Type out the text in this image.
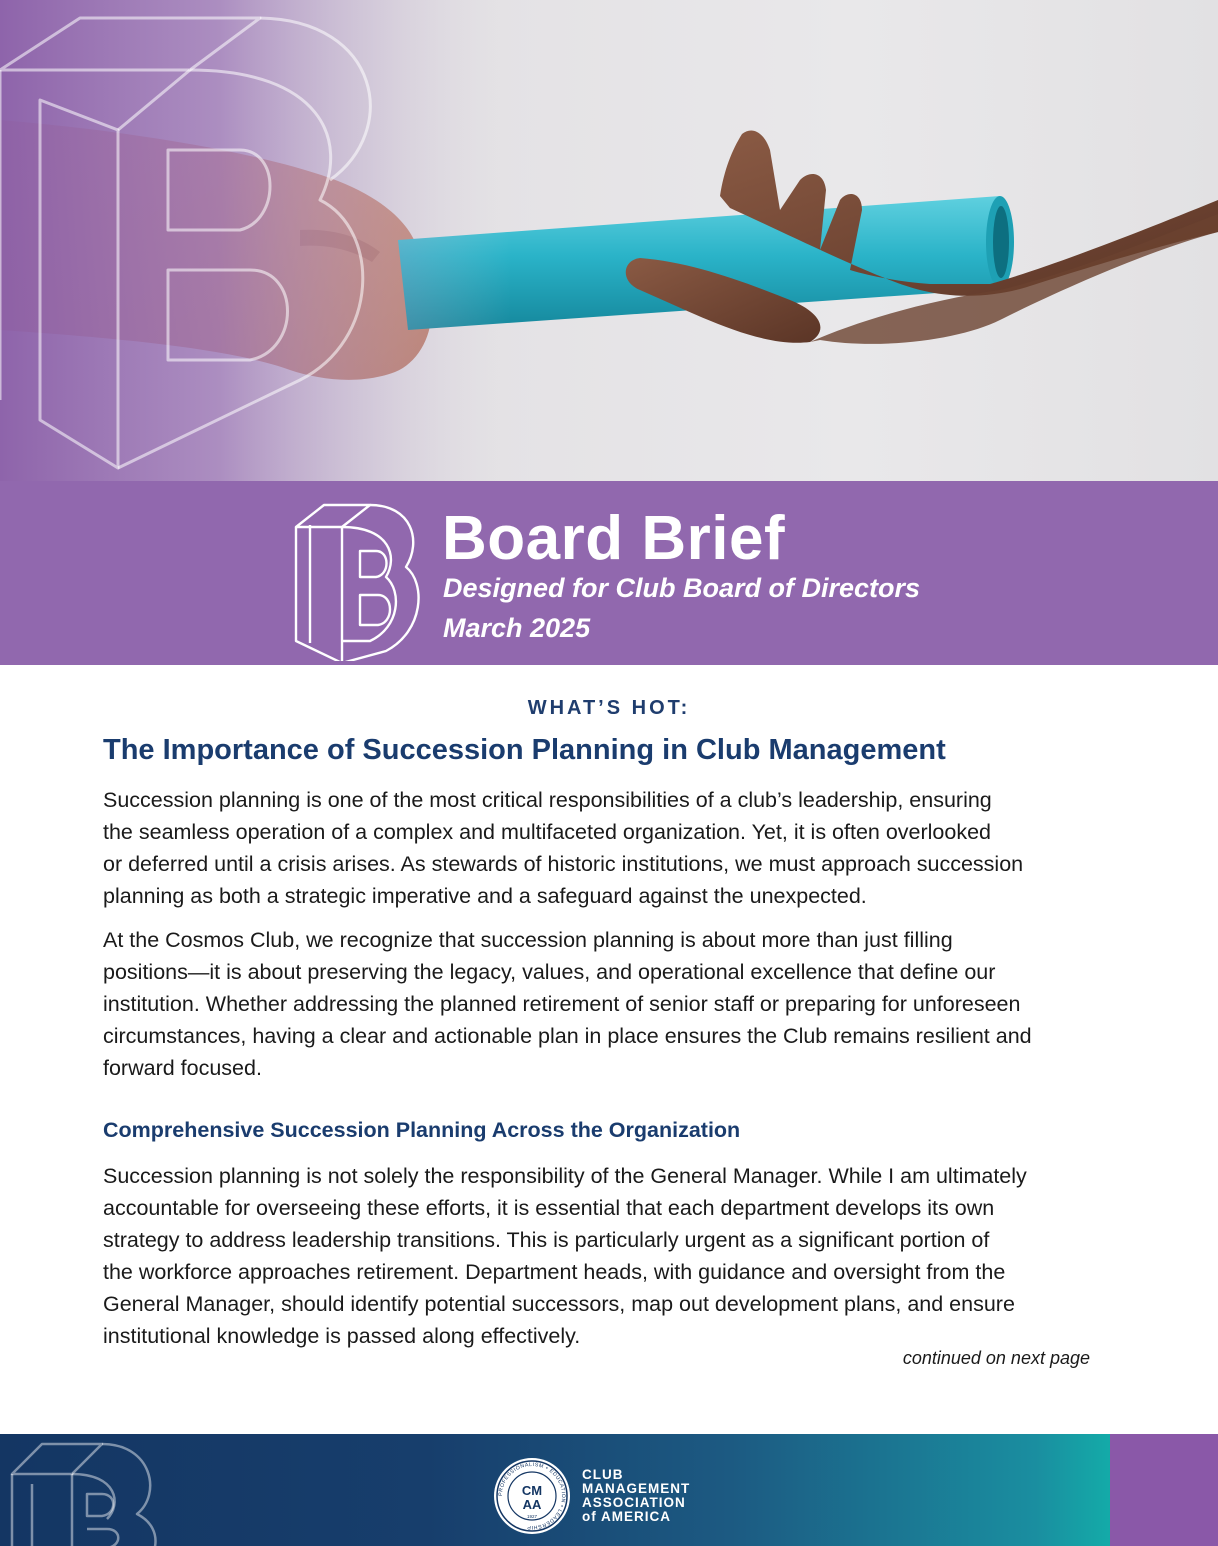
Board Brief
Designed for Club Board of Directors
March 2025
WHAT’S HOT:
The Importance of Succession Planning in Club Management
Succession planning is one of the most critical responsibilities of a club’s leadership, ensuring
the seamless operation of a complex and multifaceted organization. Yet, it is often overlooked
or deferred until a crisis arises. As stewards of historic institutions, we must approach succession
planning as both a strategic imperative and a safeguard against the unexpected.
At the Cosmos Club, we recognize that succession planning is about more than just filling
positions—it is about preserving the legacy, values, and operational excellence that define our
institution. Whether addressing the planned retirement of senior staff or preparing for unforeseen
circumstances, having a clear and actionable plan in place ensures the Club remains resilient and
forward focused.
Comprehensive Succession Planning Across the Organization
Succession planning is not solely the responsibility of the General Manager. While I am ultimately
accountable for overseeing these efforts, it is essential that each department develops its own
strategy to address leadership transitions. This is particularly urgent as a significant portion of
the workforce approaches retirement. Department heads, with guidance and oversight from the
General Manager, should identify potential successors, map out development plans, and ensure
institutional knowledge is passed along effectively.
continued on next page
PROFESSIONALISM • EDUCATION • LEADERSHIP
CM
AA
1927
CLUB
MANAGEMENT
ASSOCIATION
of AMERICA
